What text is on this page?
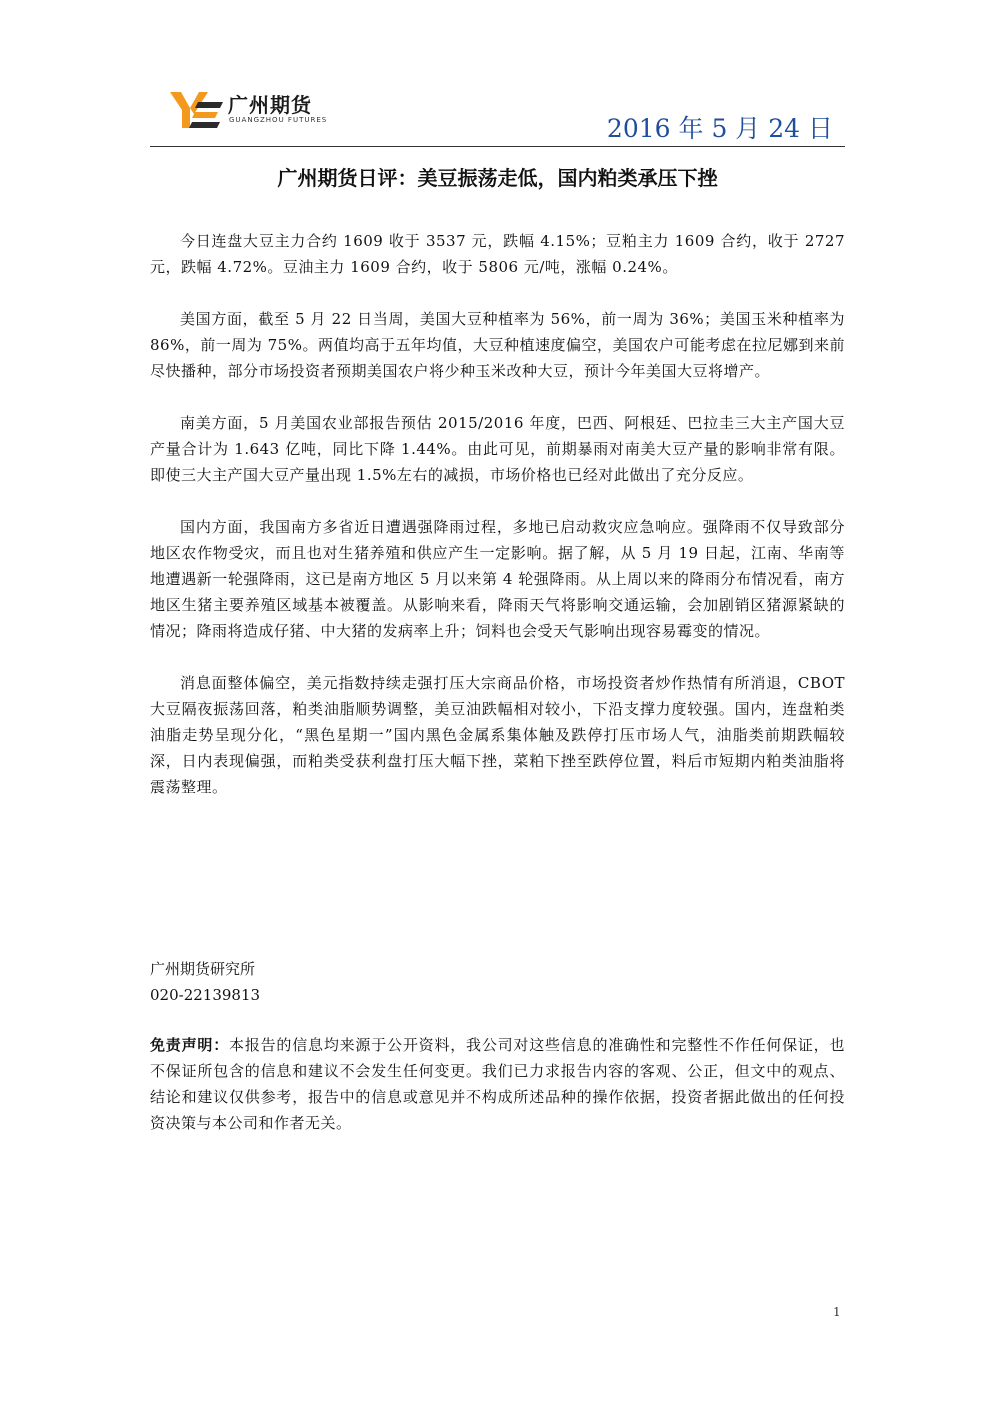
广州期货
GUANGZHOU FUTURES	2016 年 5 月 24 日
广州期货日评：美豆振荡走低，国内粕类承压下挫

今日连盘大豆主力合约 1609 收于 3537 元，跌幅 4.15%；豆粕主力 1609 合约，收于 2727 元，跌幅 4.72%。豆油主力 1609 合约，收于 5806 元/吨，涨幅 0.24%。

美国方面，截至 5 月 22 日当周，美国大豆种植率为 56%，前一周为 36%；美国玉米种植率为 86%，前一周为 75%。两值均高于五年均值，大豆种植速度偏空，美国农户可能考虑在拉尼娜到来前尽快播种，部分市场投资者预期美国农户将少种玉米改种大豆，预计今年美国大豆将增产。

南美方面，5 月美国农业部报告预估 2015/2016 年度，巴西、阿根廷、巴拉圭三大主产国大豆产量合计为 1.643 亿吨，同比下降 1.44%。由此可见，前期暴雨对南美大豆产量的影响非常有限。即使三大主产国大豆产量出现 1.5%左右的减损，市场价格也已经对此做出了充分反应。

国内方面，我国南方多省近日遭遇强降雨过程，多地已启动救灾应急响应。强降雨不仅导致部分地区农作物受灾，而且也对生猪养殖和供应产生一定影响。据了解，从 5 月 19 日起，江南、华南等地遭遇新一轮强降雨，这已是南方地区 5 月以来第 4 轮强降雨。从上周以来的降雨分布情况看，南方地区生猪主要养殖区域基本被覆盖。从影响来看，降雨天气将影响交通运输，会加剧销区猪源紧缺的情况；降雨将造成仔猪、中大猪的发病率上升；饲料也会受天气影响出现容易霉变的情况。

消息面整体偏空，美元指数持续走强打压大宗商品价格，市场投资者炒作热情有所消退，CBOT 大豆隔夜振荡回落，粕类油脂顺势调整，美豆油跌幅相对较小，下沿支撑力度较强。国内，连盘粕类油脂走势呈现分化，“黑色星期一”国内黑色金属系集体触及跌停打压市场人气，油脂类前期跌幅较深，日内表现偏强，而粕类受获利盘打压大幅下挫，菜粕下挫至跌停位置，料后市短期内粕类油脂将震荡整理。

广州期货研究所
020-22139813

免责声明：本报告的信息均来源于公开资料，我公司对这些信息的准确性和完整性不作任何保证，也不保证所包含的信息和建议不会发生任何变更。我们已力求报告内容的客观、公正，但文中的观点、结论和建议仅供参考，报告中的信息或意见并不构成所述品种的操作依据，投资者据此做出的任何投资决策与本公司和作者无关。

1
